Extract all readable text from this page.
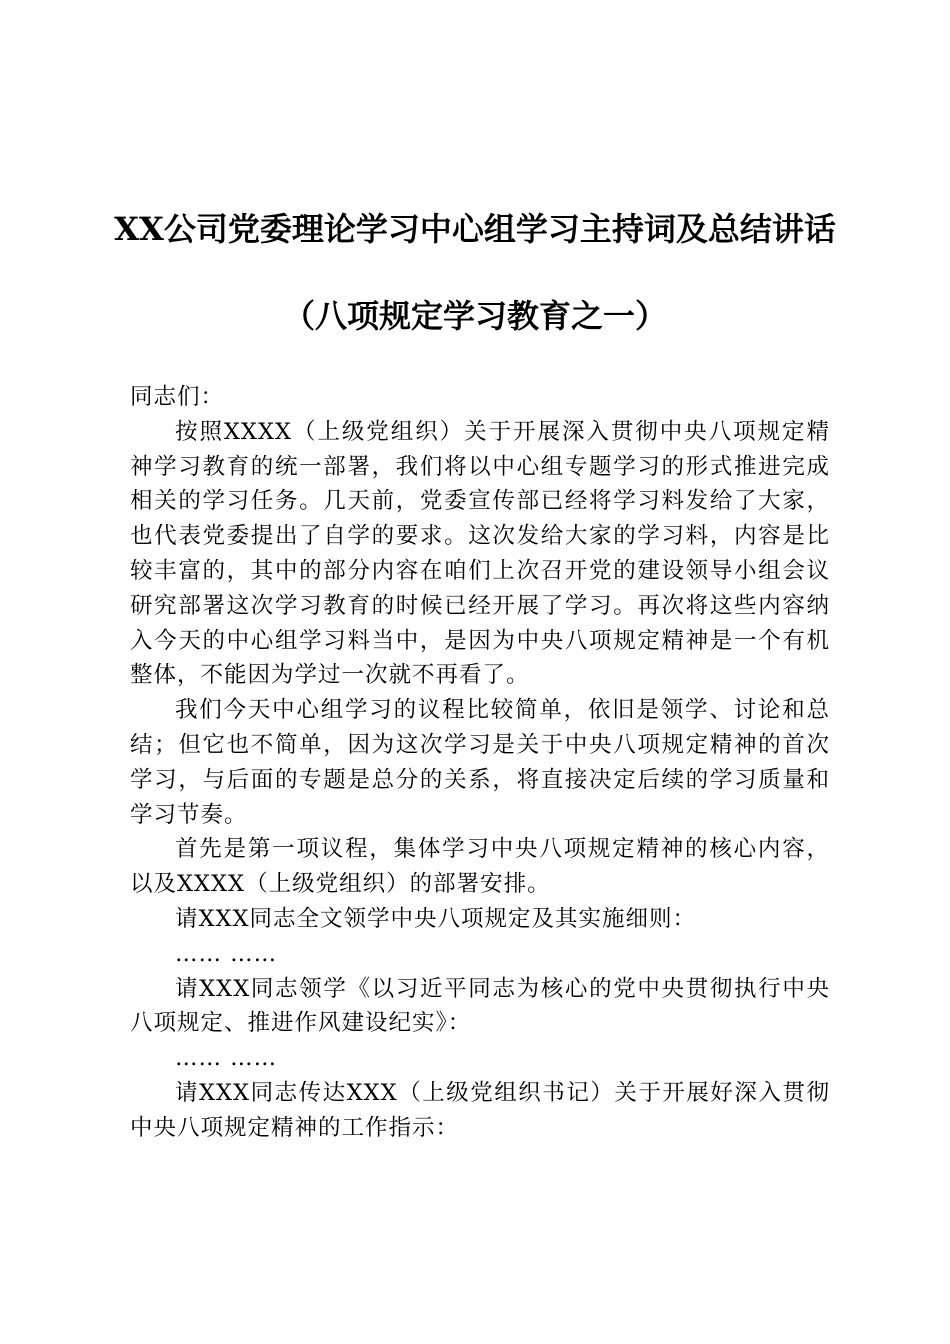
XX公司党委理论学习中心组学习主持词及总结讲话（八项规定学习教育之一）

同志们：

按照XXXX（上级党组织）关于开展深入贯彻中央八项规定精神学习教育的统一部署，我们将以中心组专题学习的形式推进完成相关的学习任务。几天前，党委宣传部已经将学习料发给了大家，也代表党委提出了自学的要求。这次发给大家的学习料，内容是比较丰富的，其中的部分内容在咱们上次召开党的建设领导小组会议研究部署这次学习教育的时候已经开展了学习。再次将这些内容纳入今天的中心组学习料当中，是因为中央八项规定精神是一个有机整体，不能因为学过一次就不再看了。

我们今天中心组学习的议程比较简单，依旧是领学、讨论和总结；但它也不简单，因为这次学习是关于中央八项规定精神的首次学习，与后面的专题是总分的关系，将直接决定后续的学习质量和学习节奏。

首先是第一项议程，集体学习中央八项规定精神的核心内容，以及XXXX（上级党组织）的部署安排。

请XXX同志全文领学中央八项规定及其实施细则：

…… ……

请XXX同志领学《以习近平同志为核心的党中央贯彻执行中央八项规定、推进作风建设纪实》：

…… ……

请XXX同志传达XXX（上级党组织书记）关于开展好深入贯彻中央八项规定精神的工作指示：
